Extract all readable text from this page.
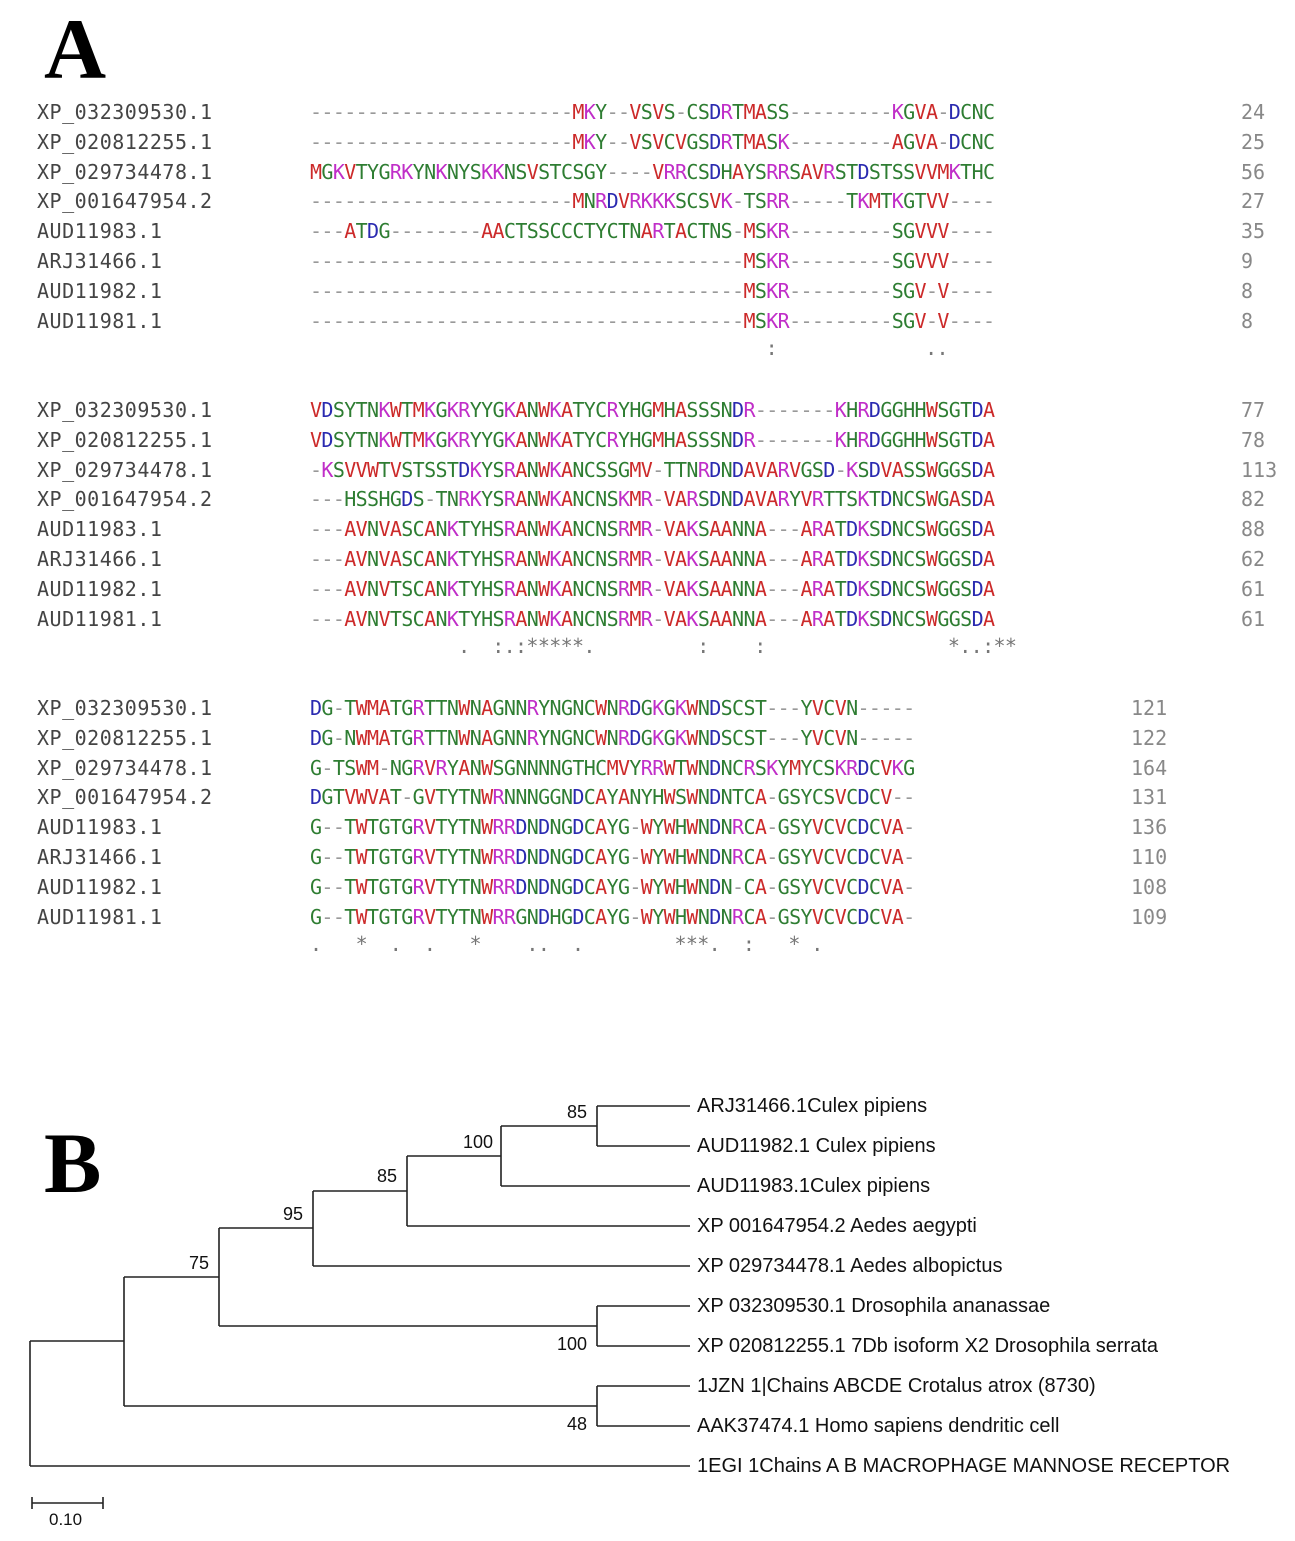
A
XP_032309530.1	-----------------------MKY--VSVS-CSDRTMASS---------KGVA-DCNC	24
XP_020812255.1	-----------------------MKY--VSVCVGSDRTMASK---------AGVA-DCNC	25
XP_029734478.1	MGKVTYGRKYNKNYSKKNSVSTCSGY----VRRCSDHAYSRRSAVRSTDSTSSVVMKTHC	56
XP_001647954.2	-----------------------MNRDVRKKKSCSVK-TSRR-----TKMTKGTVV----	27
AUD11983.1	---ATDG--------AACTSSCCCTYCTNARTACTNS-MSKR---------SGVVV----	35
ARJ31466.1	--------------------------------------MSKR---------SGVVV----	9
AUD11982.1	--------------------------------------MSKR---------SGV-V----	8
AUD11981.1	--------------------------------------MSKR---------SGV-V----	8
:             ..
XP_032309530.1	VDSYTNKWTMKGKRYYGKANWKATYCRYHGMHASSSNDR-------KHRDGGHHWSGTDA	77
XP_020812255.1	VDSYTNKWTMKGKRYYGKANWKATYCRYHGMHASSSNDR-------KHRDGGHHWSGTDA	78
XP_029734478.1	-KSVVWTVSTSSTDKYSRANWKANCSSGMV-TTNRDNDAVARVGSD-KSDVASSWGGSDA	113
XP_001647954.2	---HSSHGDS-TNRKYSRANWKANCNSKMR-VARSDNDAVARYVRTTSKTDNCSWGASDA	82
AUD11983.1	---AVNVASCANKTYHSRANWKANCNSRMR-VAKSAANNA---ARATDKSDNCSWGGSDA	88
ARJ31466.1	---AVNVASCANKTYHSRANWKANCNSRMR-VAKSAANNA---ARATDKSDNCSWGGSDA	62
AUD11982.1	---AVNVTSCANKTYHSRANWKANCNSRMR-VAKSAANNA---ARATDKSDNCSWGGSDA	61
AUD11981.1	---AVNVTSCANKTYHSRANWKANCNSRMR-VAKSAANNA---ARATDKSDNCSWGGSDA	61
.  :.:*****.         :    :                *..:**
XP_032309530.1	DG-TWMATGRTTNWNAGNNRYNGNCWNRDGKGKWNDSCST---YVCVN-----	121
XP_020812255.1	DG-NWMATGRTTNWNAGNNRYNGNCWNRDGKGKWNDSCST---YVCVN-----	122
XP_029734478.1	G-TSWM-NGRVRYANWSGNNNNGTHCMVYRRWTWNDNCRSKYMYCSKRDCVKG	164
XP_001647954.2	DGTVWVAT-GVTYTNWRNNNGGNDCAYANYHWSWNDNTCA-GSYCSVCDCV--	131
AUD11983.1	G--TWTGTGRVTYTNWRRDNDNGDCAYG-WYWHWNDNRCA-GSYVCVCDCVA-	136
ARJ31466.1	G--TWTGTGRVTYTNWRRDNDNGDCAYG-WYWHWNDNRCA-GSYVCVCDCVA-	110
AUD11982.1	G--TWTGTGRVTYTNWRRDNDNGDCAYG-WYWHWNDN-CA-GSYVCVCDCVA-	108
AUD11981.1	G--TWTGTGRVTYTNWRRGNDHGDCAYG-WYWHWNDNRCA-GSYVCVCDCVA-	109
.   *  .  .   *    ..  .        ***.  :   * .
B
ARJ31466.1Culex pipiens
AUD11982.1 Culex pipiens
AUD11983.1Culex pipiens
XP 001647954.2 Aedes aegypti
XP 029734478.1 Aedes albopictus
XP 032309530.1 Drosophila ananassae
XP 020812255.1 7Db isoform X2 Drosophila serrata
1JZN 1|Chains ABCDE Crotalus atrox (8730)
AAK37474.1 Homo sapiens dendritic cell
1EGI 1Chains A B MACROPHAGE MANNOSE RECEPTOR
85
100
85
95
75
100
48
0.10
